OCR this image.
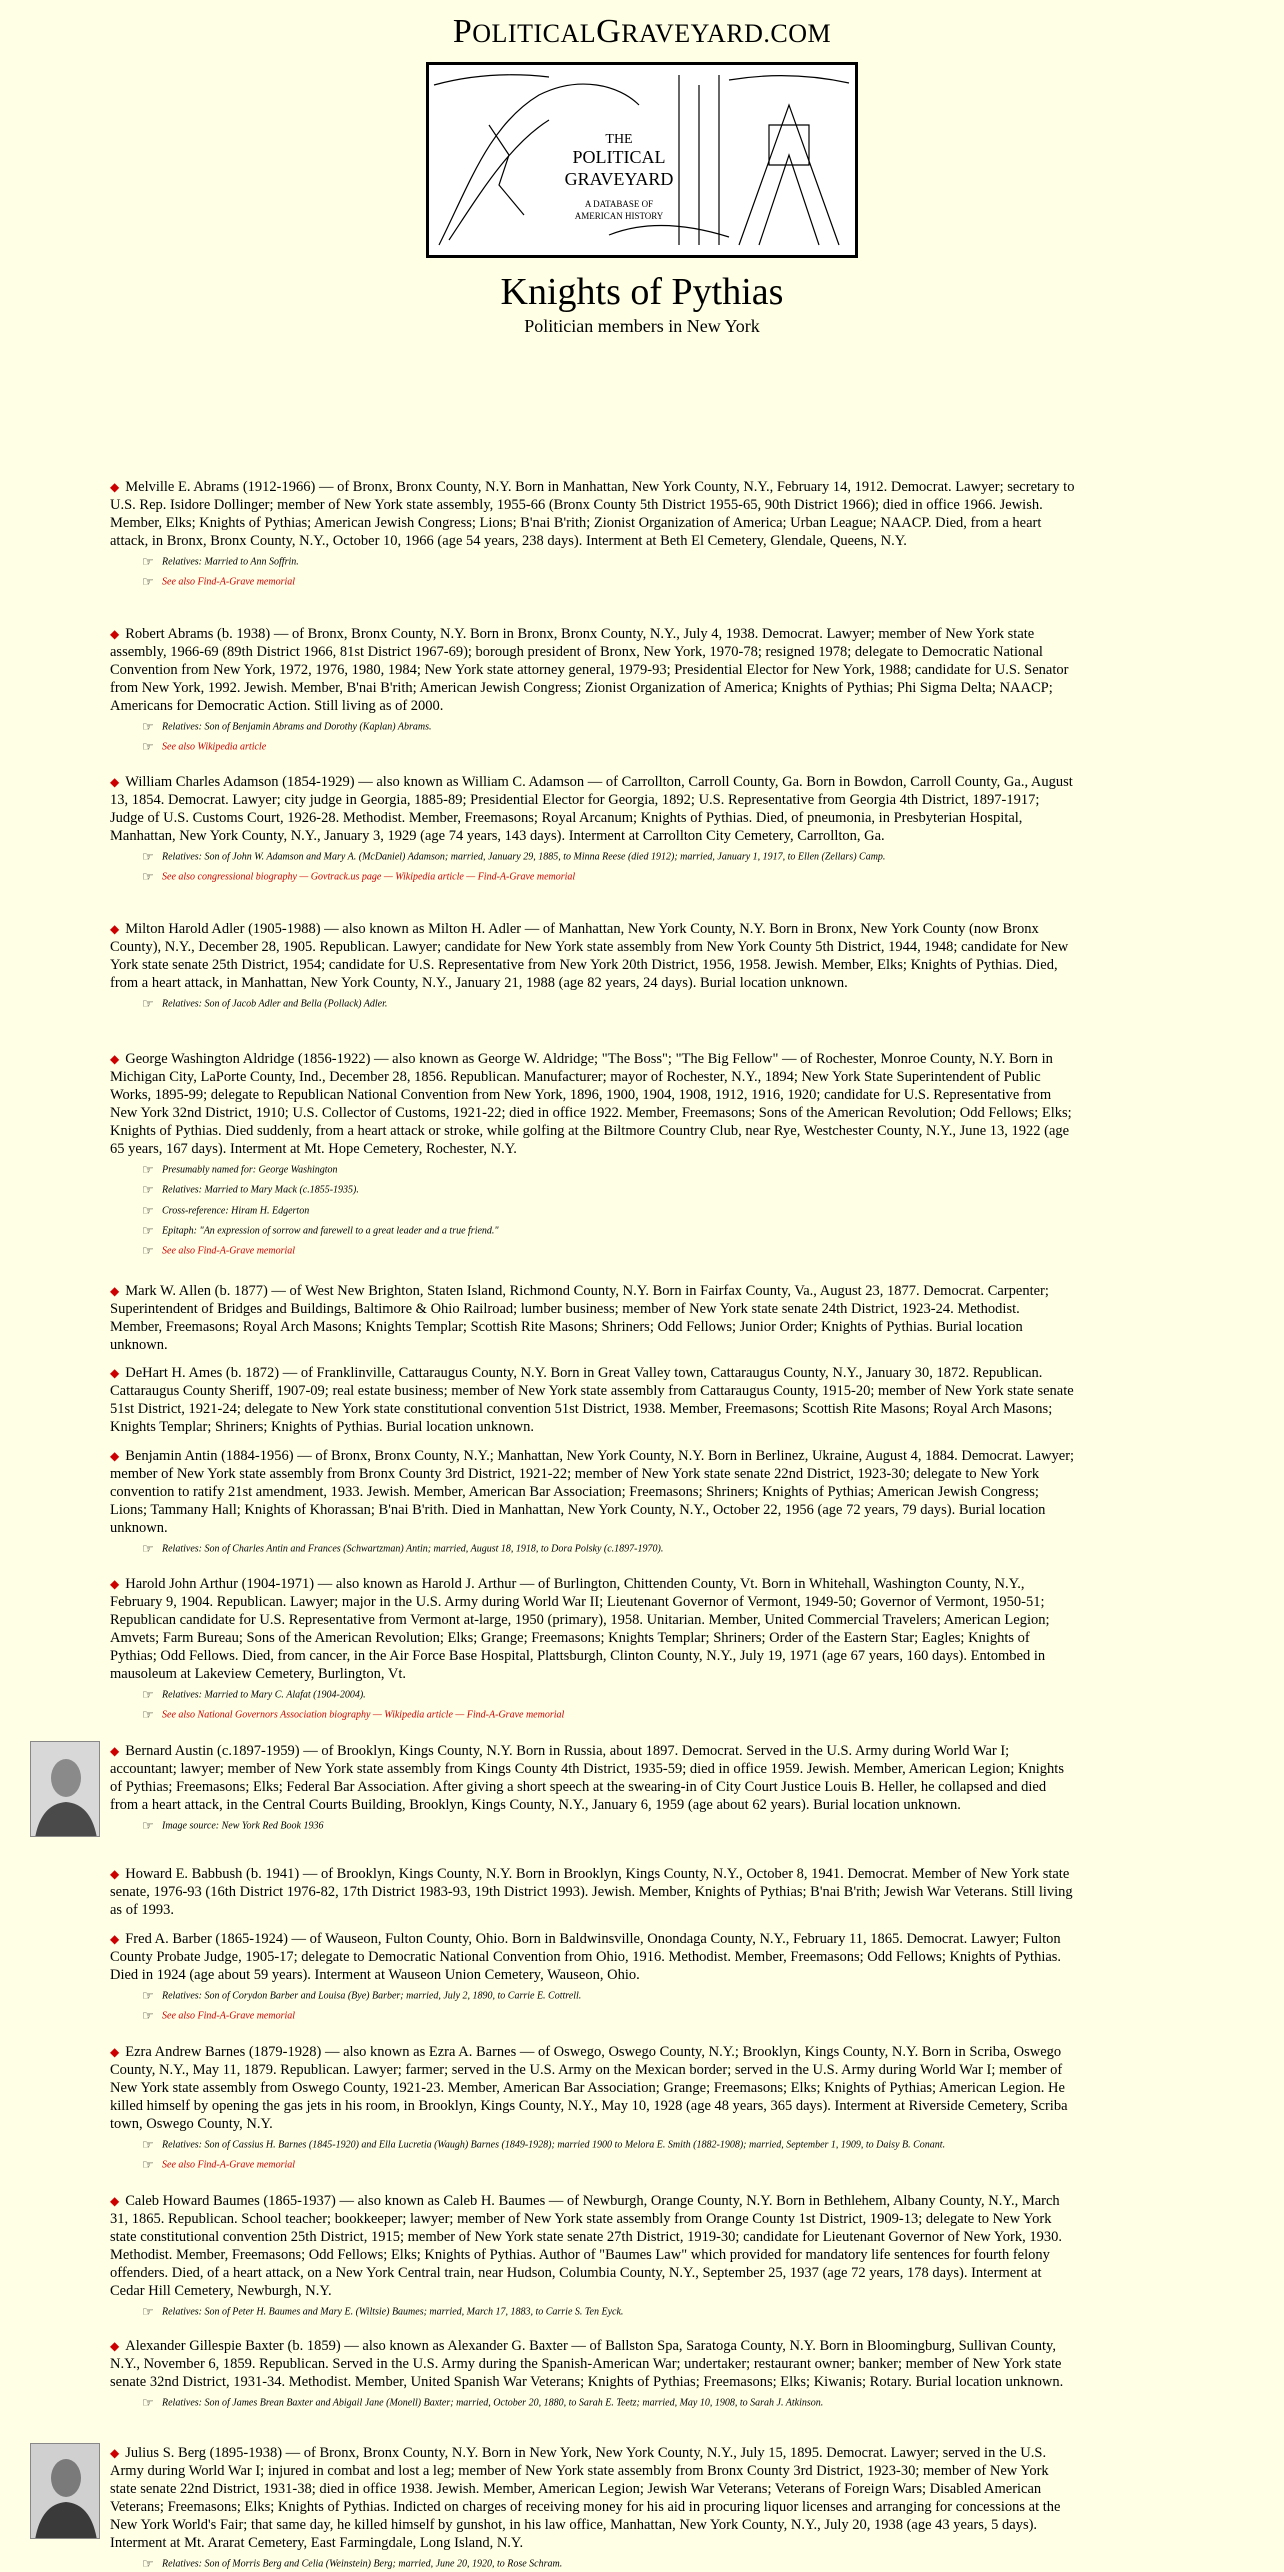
POLITICALGRAVEYARD.COM
THE
POLITICAL
GRAVEYARD
A DATABASE OF
AMERICAN HISTORY
Knights of Pythias
Politician members in New York

◆ Melville E. Abrams (1912-1966) — of Bronx, Bronx County, N.Y. Born in Manhattan, New York County, N.Y., February 14, 1912. Democrat. Lawyer; secretary to U.S. Rep. Isidore Dollinger; member of New York state assembly, 1955-66 (Bronx County 5th District 1955-65, 90th District 1966); died in office 1966. Jewish. Member, Elks; Knights of Pythias; American Jewish Congress; Lions; B'nai B'rith; Zionist Organization of America; Urban League; NAACP. Died, from a heart attack, in Bronx, Bronx County, N.Y., October 10, 1966 (age 54 years, 238 days). Interment at Beth El Cemetery, Glendale, Queens, N.Y.

☞ Relatives: Married to Ann Soffrin.
☞ See also Find-A-Grave memorial

◆ Robert Abrams (b. 1938) — of Bronx, Bronx County, N.Y. Born in Bronx, Bronx County, N.Y., July 4, 1938. Democrat. Lawyer; member of New York state assembly, 1966-69 (89th District 1966, 81st District 1967-69); borough president of Bronx, New York, 1970-78; resigned 1978; delegate to Democratic National Convention from New York, 1972, 1976, 1980, 1984; New York state attorney general, 1979-93; Presidential Elector for New York, 1988; candidate for U.S. Senator from New York, 1992. Jewish. Member, B'nai B'rith; American Jewish Congress; Zionist Organization of America; Knights of Pythias; Phi Sigma Delta; NAACP; Americans for Democratic Action. Still living as of 2000.

☞ Relatives: Son of Benjamin Abrams and Dorothy (Kaplan) Abrams.
☞ See also Wikipedia article

◆ William Charles Adamson (1854-1929) — also known as William C. Adamson — of Carrollton, Carroll County, Ga. Born in Bowdon, Carroll County, Ga., August 13, 1854. Democrat. Lawyer; city judge in Georgia, 1885-89; Presidential Elector for Georgia, 1892; U.S. Representative from Georgia 4th District, 1897-1917; Judge of U.S. Customs Court, 1926-28. Methodist. Member, Freemasons; Royal Arcanum; Knights of Pythias. Died, of pneumonia, in Presbyterian Hospital, Manhattan, New York County, N.Y., January 3, 1929 (age 74 years, 143 days). Interment at Carrollton City Cemetery, Carrollton, Ga.

☞ Relatives: Son of John W. Adamson and Mary A. (McDaniel) Adamson; married, January 29, 1885, to Minna Reese (died 1912); married, January 1, 1917, to Ellen (Zellars) Camp.
☞ See also congressional biography — Govtrack.us page — Wikipedia article — Find-A-Grave memorial

◆ Milton Harold Adler (1905-1988) — also known as Milton H. Adler — of Manhattan, New York County, N.Y. Born in Bronx, New York County (now Bronx County), N.Y., December 28, 1905. Republican. Lawyer; candidate for New York state assembly from New York County 5th District, 1944, 1948; candidate for New York state senate 25th District, 1954; candidate for U.S. Representative from New York 20th District, 1956, 1958. Jewish. Member, Elks; Knights of Pythias. Died, from a heart attack, in Manhattan, New York County, N.Y., January 21, 1988 (age 82 years, 24 days). Burial location unknown.

☞ Relatives: Son of Jacob Adler and Bella (Pollack) Adler.

◆ George Washington Aldridge (1856-1922) — also known as George W. Aldridge; "The Boss"; "The Big Fellow" — of Rochester, Monroe County, N.Y. Born in Michigan City, LaPorte County, Ind., December 28, 1856. Republican. Manufacturer; mayor of Rochester, N.Y., 1894; New York State Superintendent of Public Works, 1895-99; delegate to Republican National Convention from New York, 1896, 1900, 1904, 1908, 1912, 1916, 1920; candidate for U.S. Representative from New York 32nd District, 1910; U.S. Collector of Customs, 1921-22; died in office 1922. Member, Freemasons; Sons of the American Revolution; Odd Fellows; Elks; Knights of Pythias. Died suddenly, from a heart attack or stroke, while golfing at the Biltmore Country Club, near Rye, Westchester County, N.Y., June 13, 1922 (age 65 years, 167 days). Interment at Mt. Hope Cemetery, Rochester, N.Y.

☞ Presumably named for: George Washington
☞ Relatives: Married to Mary Mack (c.1855-1935).
☞ Cross-reference: Hiram H. Edgerton
☞ Epitaph: "An expression of sorrow and farewell to a great leader and a true friend."
☞ See also Find-A-Grave memorial

◆ Mark W. Allen (b. 1877) — of West New Brighton, Staten Island, Richmond County, N.Y. Born in Fairfax County, Va., August 23, 1877. Democrat. Carpenter; Superintendent of Bridges and Buildings, Baltimore & Ohio Railroad; lumber business; member of New York state senate 24th District, 1923-24. Methodist. Member, Freemasons; Royal Arch Masons; Knights Templar; Scottish Rite Masons; Shriners; Odd Fellows; Junior Order; Knights of Pythias. Burial location unknown.

◆ DeHart H. Ames (b. 1872) — of Franklinville, Cattaraugus County, N.Y. Born in Great Valley town, Cattaraugus County, N.Y., January 30, 1872. Republican. Cattaraugus County Sheriff, 1907-09; real estate business; member of New York state assembly from Cattaraugus County, 1915-20; member of New York state senate 51st District, 1921-24; delegate to New York state constitutional convention 51st District, 1938. Member, Freemasons; Scottish Rite Masons; Royal Arch Masons; Knights Templar; Shriners; Knights of Pythias. Burial location unknown.

◆ Benjamin Antin (1884-1956) — of Bronx, Bronx County, N.Y.; Manhattan, New York County, N.Y. Born in Berlinez, Ukraine, August 4, 1884. Democrat. Lawyer; member of New York state assembly from Bronx County 3rd District, 1921-22; member of New York state senate 22nd District, 1923-30; delegate to New York convention to ratify 21st amendment, 1933. Jewish. Member, American Bar Association; Freemasons; Shriners; Knights of Pythias; American Jewish Congress; Lions; Tammany Hall; Knights of Khorassan; B'nai B'rith. Died in Manhattan, New York County, N.Y., October 22, 1956 (age 72 years, 79 days). Burial location unknown.

☞ Relatives: Son of Charles Antin and Frances (Schwartzman) Antin; married, August 18, 1918, to Dora Polsky (c.1897-1970).

◆ Harold John Arthur (1904-1971) — also known as Harold J. Arthur — of Burlington, Chittenden County, Vt. Born in Whitehall, Washington County, N.Y., February 9, 1904. Republican. Lawyer; major in the U.S. Army during World War II; Lieutenant Governor of Vermont, 1949-50; Governor of Vermont, 1950-51; Republican candidate for U.S. Representative from Vermont at-large, 1950 (primary), 1958. Unitarian. Member, United Commercial Travelers; American Legion; Amvets; Farm Bureau; Sons of the American Revolution; Elks; Grange; Freemasons; Knights Templar; Shriners; Order of the Eastern Star; Eagles; Knights of Pythias; Odd Fellows. Died, from cancer, in the Air Force Base Hospital, Plattsburgh, Clinton County, N.Y., July 19, 1971 (age 67 years, 160 days). Entombed in mausoleum at Lakeview Cemetery, Burlington, Vt.

☞ Relatives: Married to Mary C. Alafat (1904-2004).
☞ See also National Governors Association biography — Wikipedia article — Find-A-Grave memorial

◆ Bernard Austin (c.1897-1959) — of Brooklyn, Kings County, N.Y. Born in Russia, about 1897. Democrat. Served in the U.S. Army during World War I; accountant; lawyer; member of New York state assembly from Kings County 4th District, 1935-59; died in office 1959. Jewish. Member, American Legion; Knights of Pythias; Freemasons; Elks; Federal Bar Association. After giving a short speech at the swearing-in of City Court Justice Louis B. Heller, he collapsed and died from a heart attack, in the Central Courts Building, Brooklyn, Kings County, N.Y., January 6, 1959 (age about 62 years). Burial location unknown.

☞ Image source: New York Red Book 1936

◆ Howard E. Babbush (b. 1941) — of Brooklyn, Kings County, N.Y. Born in Brooklyn, Kings County, N.Y., October 8, 1941. Democrat. Member of New York state senate, 1976-93 (16th District 1976-82, 17th District 1983-93, 19th District 1993). Jewish. Member, Knights of Pythias; B'nai B'rith; Jewish War Veterans. Still living as of 1993.

◆ Fred A. Barber (1865-1924) — of Wauseon, Fulton County, Ohio. Born in Baldwinsville, Onondaga County, N.Y., February 11, 1865. Democrat. Lawyer; Fulton County Probate Judge, 1905-17; delegate to Democratic National Convention from Ohio, 1916. Methodist. Member, Freemasons; Odd Fellows; Knights of Pythias. Died in 1924 (age about 59 years). Interment at Wauseon Union Cemetery, Wauseon, Ohio.

☞ Relatives: Son of Corydon Barber and Louisa (Bye) Barber; married, July 2, 1890, to Carrie E. Cottrell.
☞ See also Find-A-Grave memorial

◆ Ezra Andrew Barnes (1879-1928) — also known as Ezra A. Barnes — of Oswego, Oswego County, N.Y.; Brooklyn, Kings County, N.Y. Born in Scriba, Oswego County, N.Y., May 11, 1879. Republican. Lawyer; farmer; served in the U.S. Army on the Mexican border; served in the U.S. Army during World War I; member of New York state assembly from Oswego County, 1921-23. Member, American Bar Association; Grange; Freemasons; Elks; Knights of Pythias; American Legion. He killed himself by opening the gas jets in his room, in Brooklyn, Kings County, N.Y., May 10, 1928 (age 48 years, 365 days). Interment at Riverside Cemetery, Scriba town, Oswego County, N.Y.

☞ Relatives: Son of Cassius H. Barnes (1845-1920) and Ella Lucretia (Waugh) Barnes (1849-1928); married 1900 to Melora E. Smith (1882-1908); married, September 1, 1909, to Daisy B. Conant.
☞ See also Find-A-Grave memorial

◆ Caleb Howard Baumes (1865-1937) — also known as Caleb H. Baumes — of Newburgh, Orange County, N.Y. Born in Bethlehem, Albany County, N.Y., March 31, 1865. Republican. School teacher; bookkeeper; lawyer; member of New York state assembly from Orange County 1st District, 1909-13; delegate to New York state constitutional convention 25th District, 1915; member of New York state senate 27th District, 1919-30; candidate for Lieutenant Governor of New York, 1930. Methodist. Member, Freemasons; Odd Fellows; Elks; Knights of Pythias. Author of "Baumes Law" which provided for mandatory life sentences for fourth felony offenders. Died, of a heart attack, on a New York Central train, near Hudson, Columbia County, N.Y., September 25, 1937 (age 72 years, 178 days). Interment at Cedar Hill Cemetery, Newburgh, N.Y.

☞ Relatives: Son of Peter H. Baumes and Mary E. (Wiltsie) Baumes; married, March 17, 1883, to Carrie S. Ten Eyck.

◆ Alexander Gillespie Baxter (b. 1859) — also known as Alexander G. Baxter — of Ballston Spa, Saratoga County, N.Y. Born in Bloomingburg, Sullivan County, N.Y., November 6, 1859. Republican. Served in the U.S. Army during the Spanish-American War; undertaker; restaurant owner; banker; member of New York state senate 32nd District, 1931-34. Methodist. Member, United Spanish War Veterans; Knights of Pythias; Freemasons; Elks; Kiwanis; Rotary. Burial location unknown.

☞ Relatives: Son of James Brean Baxter and Abigail Jane (Monell) Baxter; married, October 20, 1880, to Sarah E. Teetz; married, May 10, 1908, to Sarah J. Atkinson.

◆ Julius S. Berg (1895-1938) — of Bronx, Bronx County, N.Y. Born in New York, New York County, N.Y., July 15, 1895. Democrat. Lawyer; served in the U.S. Army during World War I; injured in combat and lost a leg; member of New York state assembly from Bronx County 3rd District, 1923-30; member of New York state senate 22nd District, 1931-38; died in office 1938. Jewish. Member, American Legion; Jewish War Veterans; Veterans of Foreign Wars; Disabled American Veterans; Freemasons; Elks; Knights of Pythias. Indicted on charges of receiving money for his aid in procuring liquor licenses and arranging for concessions at the New York World's Fair; that same day, he killed himself by gunshot, in his law office, Manhattan, New York County, N.Y., July 20, 1938 (age 43 years, 5 days). Interment at Mt. Ararat Cemetery, East Farmingdale, Long Island, N.Y.

☞ Relatives: Son of Morris Berg and Celia (Weinstein) Berg; married, June 20, 1920, to Rose Schram.
